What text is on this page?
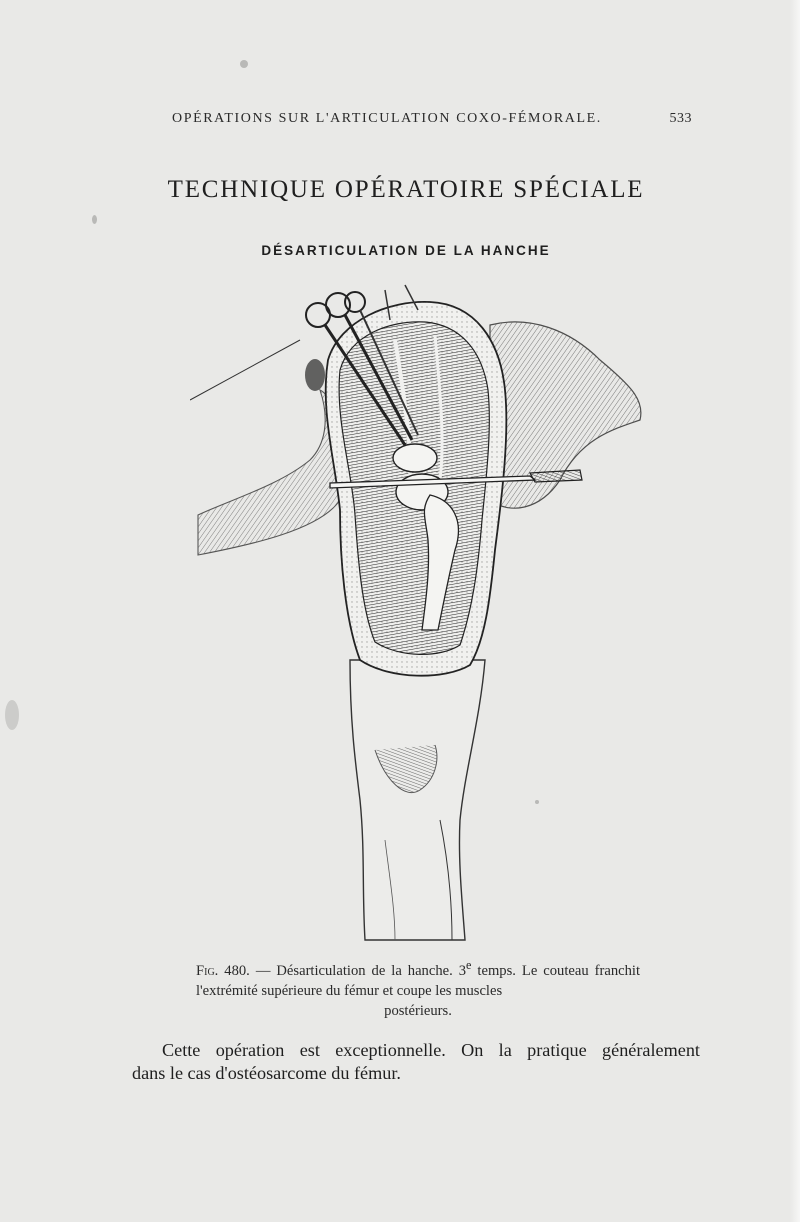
OPÉRATIONS SUR L'ARTICULATION COXO-FÉMORALE.	533
TECHNIQUE OPÉRATOIRE SPÉCIALE
DÉSARTICULATION DE LA HANCHE
Fig. 480. — Désarticulation de la hanche. 3e temps. Le couteau franchit l'extrémité supérieure du fémur et coupe les muscles
postérieurs.
Cette opération est exceptionnelle. On la pratique généralement
dans le cas d'ostéosarcome du fémur.
